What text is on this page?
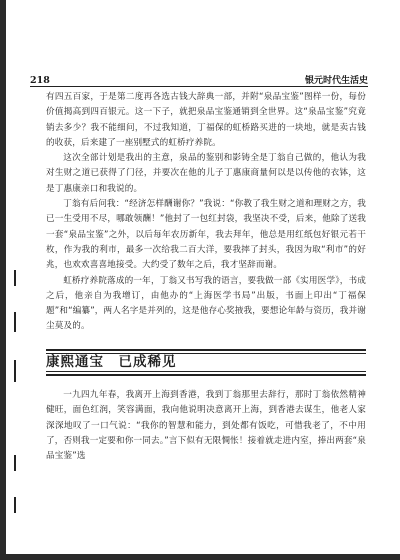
218	银元时代生活史

有四五百家，于是第二度再各选古钱大辞典一部，并附“泉品宝鉴”图样一份，每份价值揭高到四百银元。这一下子，就把泉品宝鉴通销到全世界。这“泉品宝鉴”究竟销去多少？我不能细问，不过我知道，丁福保的虹桥路买进的一块地，就是卖古钱的收获，后来建了一座别墅式的虹桥疗养院。

这次全部计划是我出的主意，泉品的鉴别和影铸全是丁翁自己做的，他认为我对生财之道已获得了门径，并要次在他的儿子丁惠康商量何以是以传他的衣钵，这是丁惠康亲口和我说的。

丁翁有后问我：“经济怎样酬谢你？”我说：“你教了我生财之道和理财之方，我已一生受用不尽，哪敢领酬！”他封了一包红封袋，我坚决不受，后来，他除了送我一套“泉品宝鉴”之外，以后每年农历新年，我去拜年，他总是用红纸包好银元若干枚，作为我的利市，最多一次给我二百大洋，要我摔了封头，我因为取“利市”的好兆，也欢欢喜喜地接受。大约受了数年之后，我才坚辞而谢。

虹桥疗养院落成的一年，丁翁又书写我的语言，要我做一部《实用医学》，书成之后，他亲自为我增订，由他办的“上海医学书局”出版，书面上印出“丁福保题”和“编纂”，两人名字是并列的，这是他存心奖掖我，要想论年龄与资历，我并谢尘莫及的。

康熙通宝　已成稀见

一九四九年春，我离开上海到香港，我到丁翁那里去辞行，那时丁翁依然精神健旺，面色红润，笑容满面，我向他说明决意离开上海，到香港去谋生，他老人家深深地叹了一口气说：“我你的智慧和能力，到处都有饭吃，可惜我老了，不中用了，否则我一定要和你一同去。”言下似有无限惆怅！接着就走进内室，捧出两套“泉品宝鉴”选
